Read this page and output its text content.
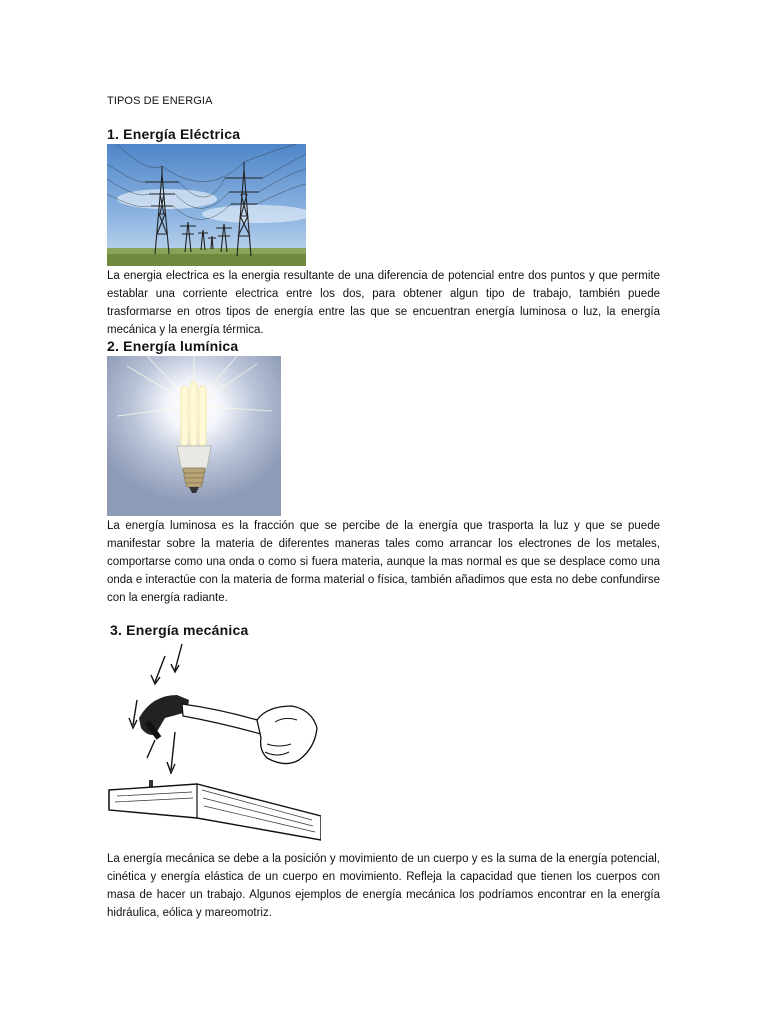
TIPOS DE ENERGIA
1. Energía Eléctrica
La energia electrica es la energia resultante de una diferencia de potencial entre dos puntos y que permite establar una corriente electrica entre los dos, para obtener algun tipo de trabajo, también puede trasformarse en otros tipos de energía entre las que se encuentran energía luminosa o luz, la energía mecánica y la energía térmica.
2. Energía lumínica
La energía luminosa es la fracción que se percibe de la energía que trasporta la luz y que se puede manifestar sobre la materia de diferentes maneras tales como arrancar los electrones de los metales, comportarse como una onda o como si fuera materia, aunque la mas normal es que se desplace como una onda e interactúe con la materia de forma material o física, también añadimos que esta no debe confundirse con la energía radiante.
3. Energía mecánica
La energía mecánica se debe a la posición y movimiento de un cuerpo y es la suma de la energía potencial, cinética y energía elástica de un cuerpo en movimiento. Refleja la capacidad que tienen los cuerpos con masa de hacer un trabajo. Algunos ejemplos de energía mecánica los podríamos encontrar en la energía hidráulica, eólica y mareomotriz.
